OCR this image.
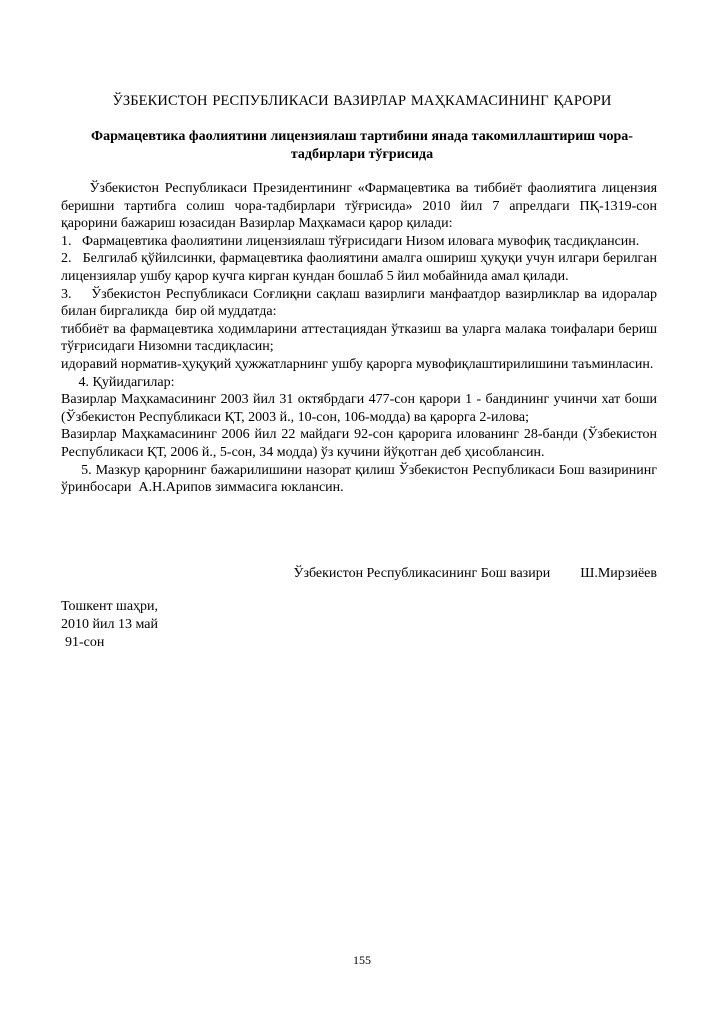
ЎЗБЕКИСТОН РЕСПУБЛИКАСИ ВАЗИРЛАР МАҲКАМАСИНИНГ ҚАРОРИ
Фармацевтика фаолиятини лицензиялаш тартибини янада такомиллаштириш чора-тадбирлари тўғрисида

Ўзбекистон Республикаси Президентининг «Фармацевтика ва тиббиёт фаолиятига лицензия беришни тартибга солиш чора-тадбирлари тўғрисида» 2010 йил 7 апрелдаги ПҚ-1319-сон қарорини бажариш юзасидан Вазирлар Маҳкамаси қарор қилади:

1.   Фармацевтика фаолиятини лицензиялаш тўғрисидаги Низом иловага мувофиқ тасдиқлансин.

2.   Белгилаб қўйилсинки, фармацевтика фаолиятини амалга ошириш ҳуқуқи учун илгари берилган лицензиялар ушбу қарор кучга кирган кундан бошлаб 5 йил мобайнида амал қилади.

3.    Ўзбекистон Республикаси Соғлиқни сақлаш вазирлиги манфаатдор вазирликлар ва идоралар билан биргаликда  бир ой муддатда:

тиббиёт ва фармацевтика ходимларини аттестациядан ўтказиш ва уларга малака тоифалари бериш тўғрисидаги Низомни тасдиқласин;

идоравий норматив-ҳуқуқий ҳужжатларнинг ушбу қарорга мувофиқлаштирилишини таъминласин.

4. Қуйидагилар:

Вазирлар Маҳкамасининг 2003 йил 31 октябрдаги 477-сон қарори 1 - бандининг учинчи хат боши (Ўзбекистон Республикаси ҚТ, 2003 й., 10-сон, 106-модда) ва қарорга 2-илова;

Вазирлар Маҳкамасининг 2006 йил 22 майдаги 92-сон қарорига илованинг 28-банди (Ўзбекистон Республикаси ҚТ, 2006 й., 5-сон, 34 модда) ўз кучини йўқотган деб ҳисоблансин.

5. Мазкур қарорнинг бажарилишини назорат қилиш Ўзбекистон Республикаси Бош вазирининг ўринбосари  А.Н.Арипов зиммасига юклансин.

Ўзбекистон Республикасининг Бош вазири Ш.Мирзиёев
Тошкент шаҳри,
2010 йил 13 май
91-сон
155
